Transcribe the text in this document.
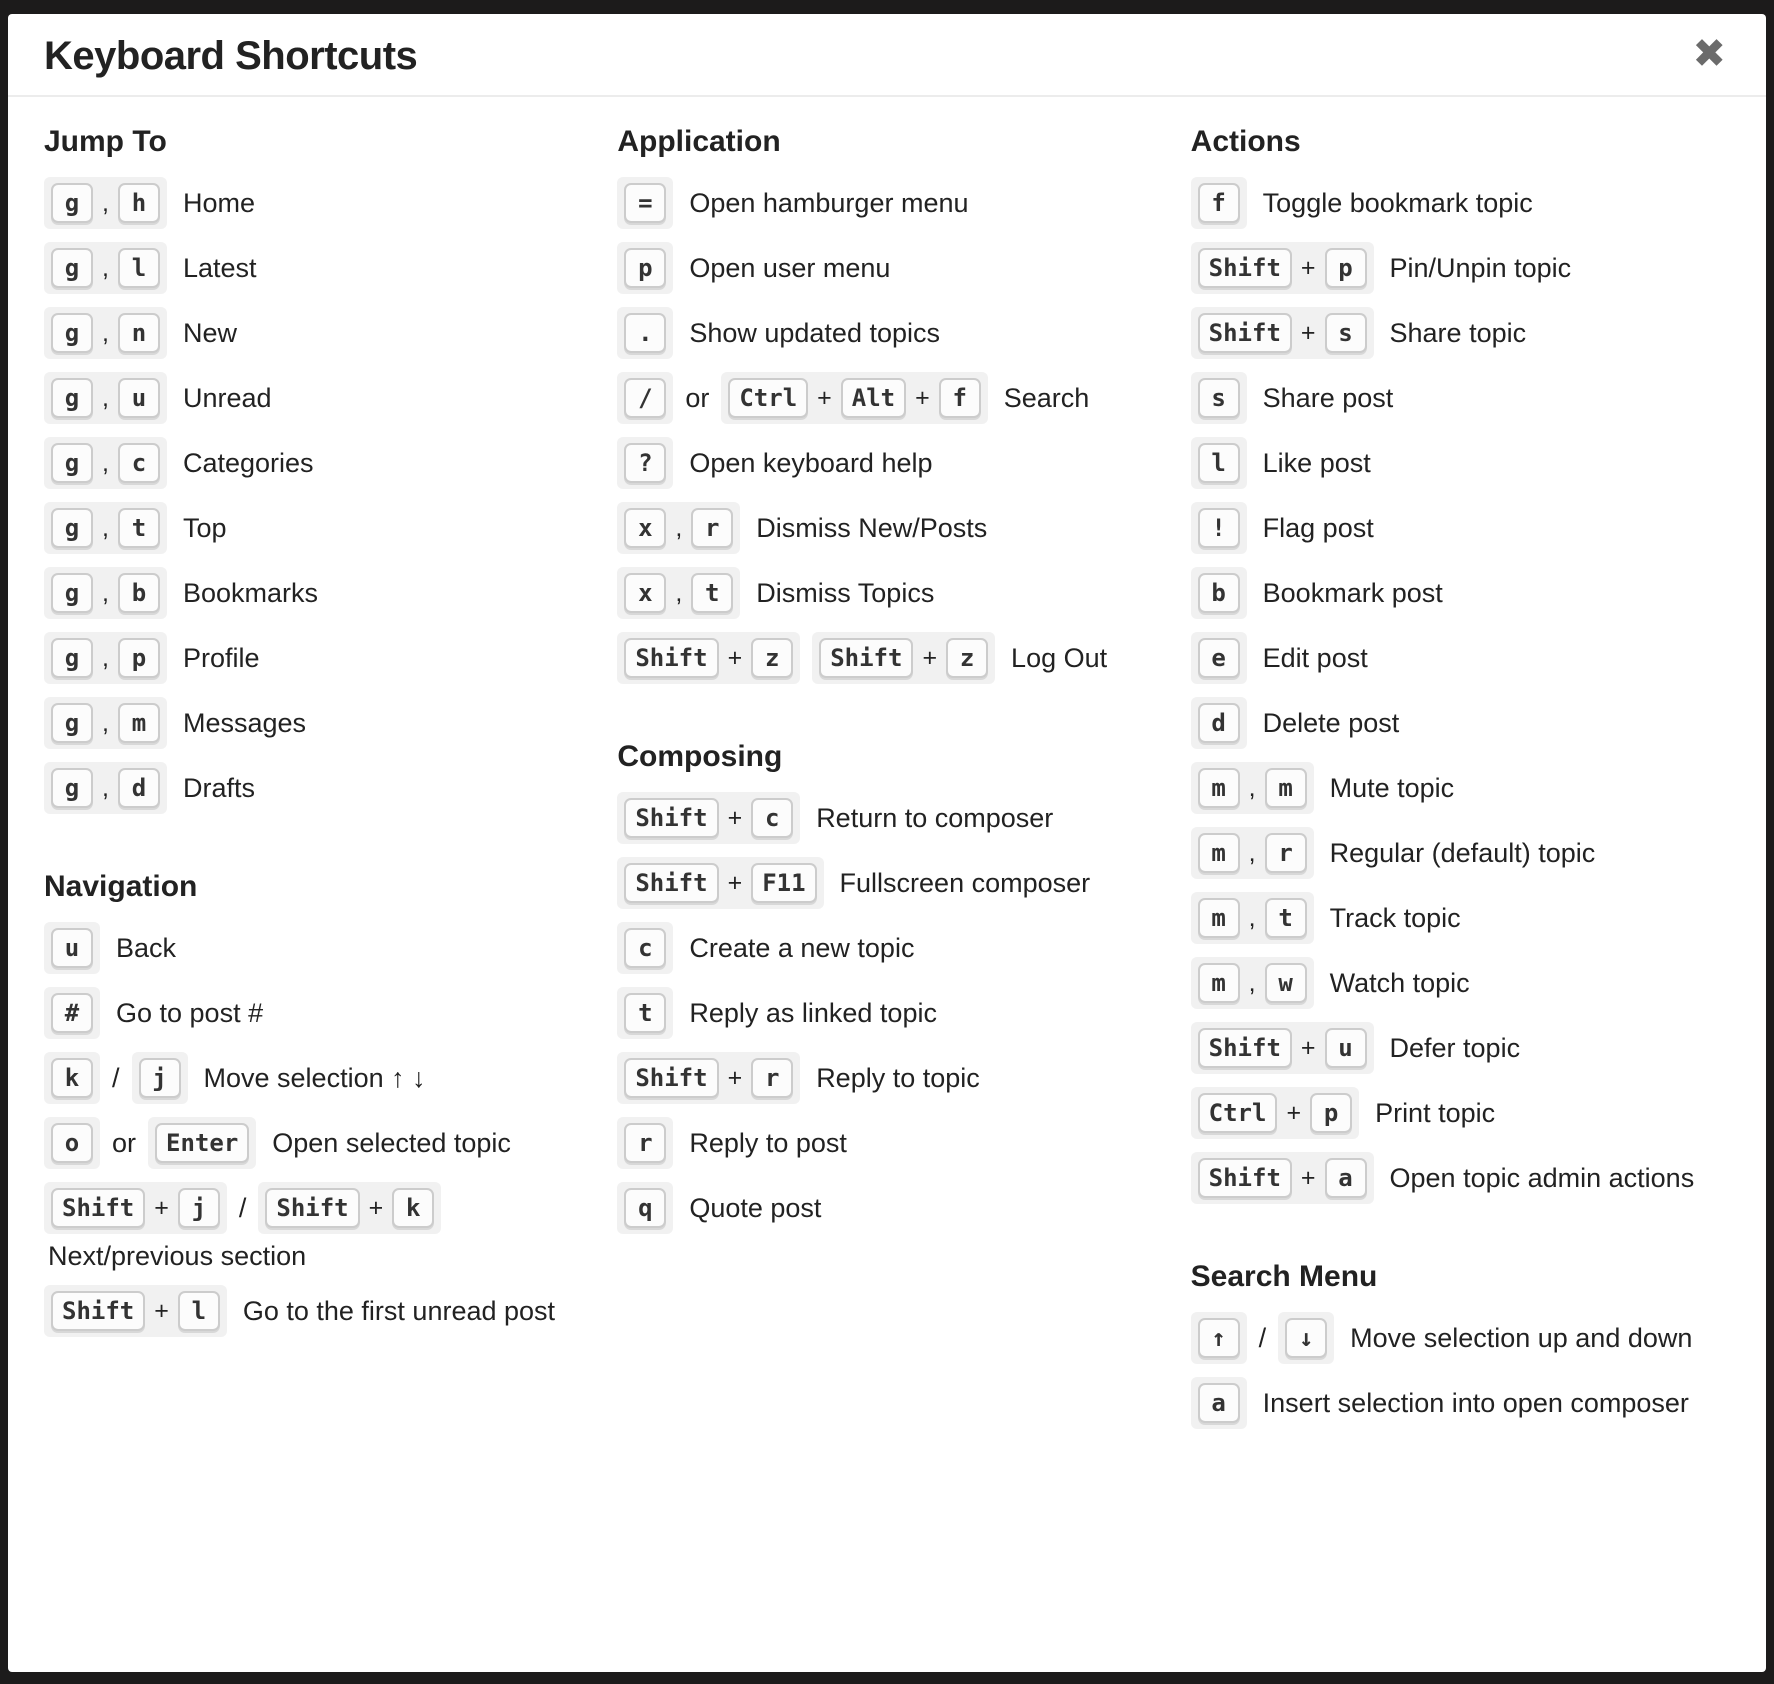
Keyboard Shortcuts	✖
Jump To
g , h	Home
g , l	Latest
g , n	New
g , u	Unread
g , c	Categories
g , t	Top
g , b	Bookmarks
g , p	Profile
g , m	Messages
g , d	Drafts
Navigation
u	Back
#	Go to post #
k	/	j	Move selection ↑ ↓
o	or	Enter	Open selected topic
Shift + j	/	Shift + k
Next/previous section
Shift + l	Go to the first unread post
Application
=	Open hamburger menu
p	Open user menu
.	Show updated topics
/	or	Ctrl + Alt + f	Search
?	Open keyboard help
x , r	Dismiss New/Posts
x , t	Dismiss Topics
Shift + z	Shift + z	Log Out
Composing
Shift + c	Return to composer
Shift + F11	Fullscreen composer
c	Create a new topic
t	Reply as linked topic
Shift + r	Reply to topic
r	Reply to post
q	Quote post
Actions
f	Toggle bookmark topic
Shift + p	Pin/Unpin topic
Shift + s	Share topic
s	Share post
l	Like post
!	Flag post
b	Bookmark post
e	Edit post
d	Delete post
m , m	Mute topic
m , r	Regular (default) topic
m , t	Track topic
m , w	Watch topic
Shift + u	Defer topic
Ctrl + p	Print topic
Shift + a	Open topic admin actions
Search Menu
↑	/	↓	Move selection up and down
a	Insert selection into open composer
